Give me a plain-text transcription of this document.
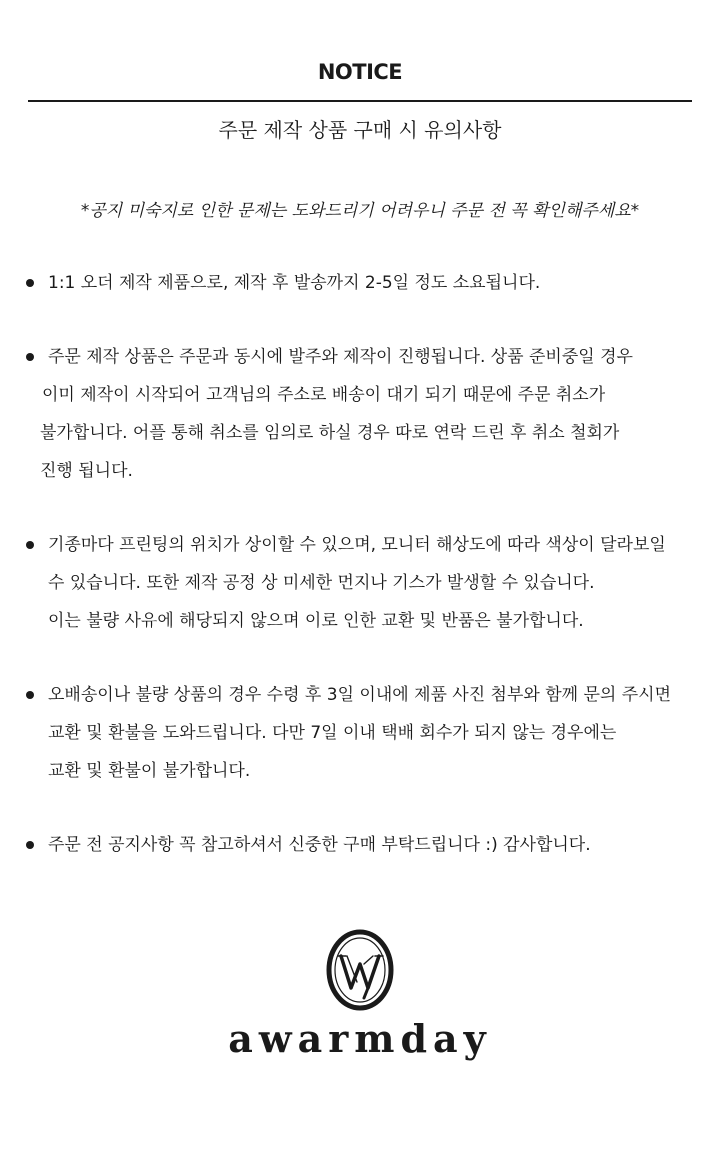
NOTICE
주문 제작 상품 구매 시 유의사항
*공지 미숙지로 인한 문제는 도와드리기 어려우니 주문 전 꼭 확인해주세요*
1:1 오더 제작 제품으로, 제작 후 발송까지 2-5일 정도 소요됩니다.
주문 제작 상품은 주문과 동시에 발주와 제작이 진행됩니다. 상품 준비중일 경우
이미 제작이 시작되어 고객님의 주소로 배송이 대기 되기 때문에 주문 취소가
불가합니다. 어플 통해 취소를 임의로 하실 경우 따로 연락 드린 후 취소 철회가
진행 됩니다.
기종마다 프린팅의 위치가 상이할 수 있으며, 모니터 해상도에 따라 색상이 달라보일
수 있습니다. 또한 제작 공정 상 미세한 먼지나 기스가 발생할 수 있습니다.
이는 불량 사유에 해당되지 않으며 이로 인한 교환 및 반품은 불가합니다.
오배송이나 불량 상품의 경우 수령 후 3일 이내에 제품 사진 첨부와 함께 문의 주시면
교환 및 환불을 도와드립니다. 다만 7일 이내 택배 회수가 되지 않는 경우에는
교환 및 환불이 불가합니다.
주문 전 공지사항 꼭 참고하셔서 신중한 구매 부탁드립니다 :) 감사합니다.
awarmday
